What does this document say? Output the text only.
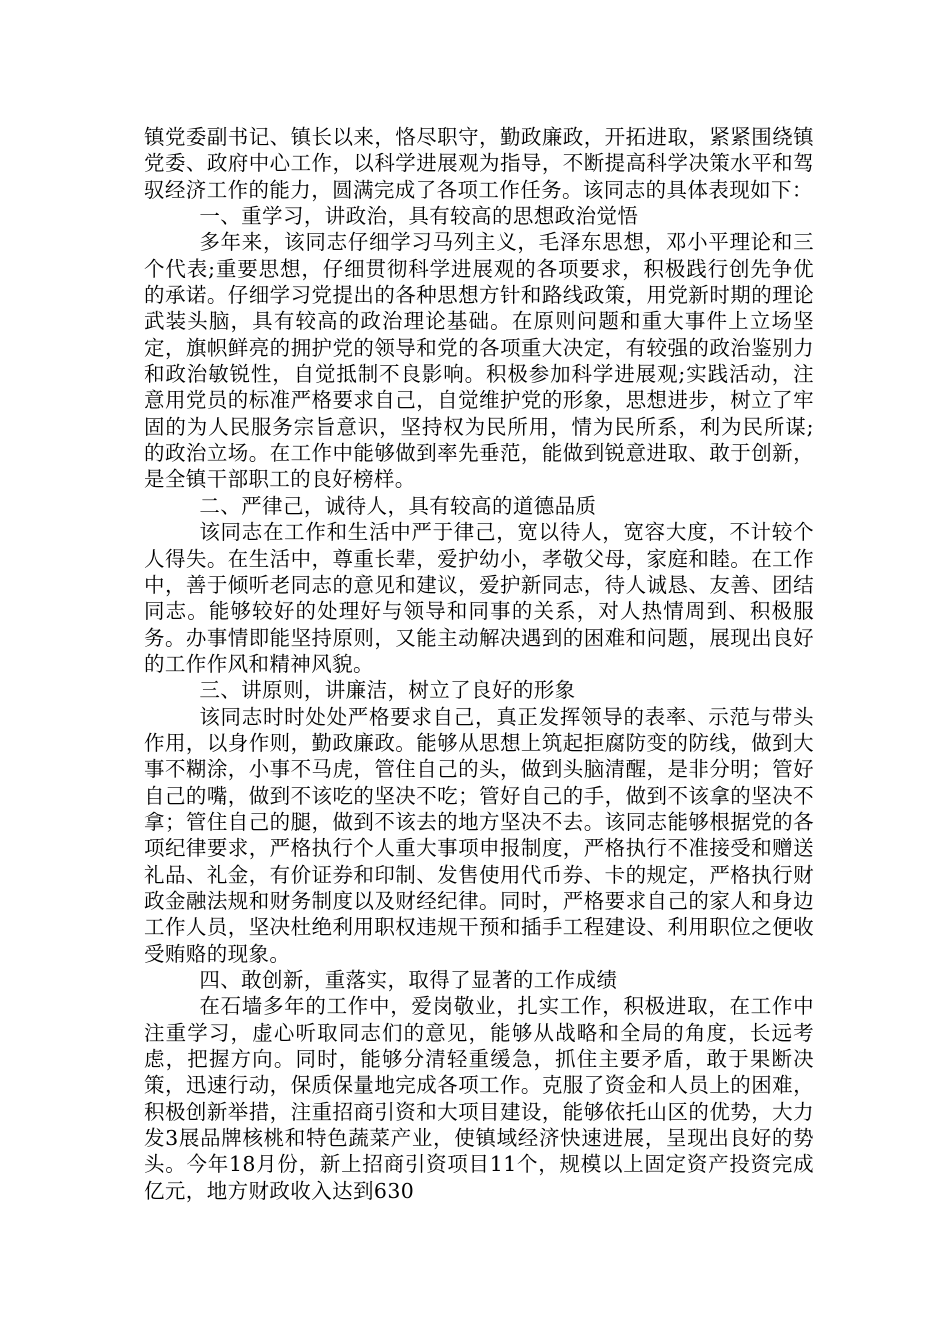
镇党委副书记、镇长以来，恪尽职守，勤政廉政，开拓进取，紧紧围绕镇党委、政府中心工作，以科学进展观为指导，不断提高科学决策水平和驾驭经济工作的能力，圆满完成了各项工作任务。该同志的具体表现如下：

一、重学习，讲政治，具有较高的思想政治觉悟

多年来，该同志仔细学习马列主义，毛泽东思想，邓小平理论和三个代表;重要思想，仔细贯彻科学进展观的各项要求，积极践行创先争优的承诺。仔细学习党提出的各种思想方针和路线政策，用党新时期的理论武装头脑，具有较高的政治理论基础。在原则问题和重大事件上立场坚定，旗帜鲜亮的拥护党的领导和党的各项重大决定，有较强的政治鉴别力和政治敏锐性，自觉抵制不良影响。积极参加科学进展观;实践活动，注意用党员的标准严格要求自己，自觉维护党的形象，思想进步，树立了牢固的为人民服务宗旨意识，坚持权为民所用，情为民所系，利为民所谋;的政治立场。在工作中能够做到率先垂范，能做到锐意进取、敢于创新，是全镇干部职工的良好榜样。

二、严律己，诚待人，具有较高的道德品质

该同志在工作和生活中严于律己，宽以待人，宽容大度，不计较个人得失。在生活中，尊重长辈，爱护幼小，孝敬父母，家庭和睦。在工作中，善于倾听老同志的意见和建议，爱护新同志，待人诚恳、友善、团结同志。能够较好的处理好与领导和同事的关系，对人热情周到、积极服务。办事情即能坚持原则，又能主动解决遇到的困难和问题，展现出良好的工作作风和精神风貌。

三、讲原则，讲廉洁，树立了良好的形象

该同志时时处处严格要求自己，真正发挥领导的表率、示范与带头作用，以身作则，勤政廉政。能够从思想上筑起拒腐防变的防线，做到大事不糊涂，小事不马虎，管住自己的头，做到头脑清醒，是非分明；管好自己的嘴，做到不该吃的坚决不吃；管好自己的手，做到不该拿的坚决不拿；管住自己的腿，做到不该去的地方坚决不去。该同志能够根据党的各项纪律要求，严格执行个人重大事项申报制度，严格执行不准接受和赠送礼品、礼金，有价证券和印制、发售使用代币券、卡的规定，严格执行财政金融法规和财务制度以及财经纪律。同时，严格要求自己的家人和身边工作人员，坚决杜绝利用职权违规干预和插手工程建设、利用职位之便收受贿赂的现象。

四、敢创新，重落实，取得了显著的工作成绩

在石墙多年的工作中，爱岗敬业，扎实工作，积极进取，在工作中注重学习，虚心听取同志们的意见，能够从战略和全局的角度，长远考虑，把握方向。同时，能够分清轻重缓急，抓住主要矛盾，敢于果断决策，迅速行动，保质保量地完成各项工作。克服了资金和人员上的困难，积极创新举措，注重招商引资和大项目建设，能够依托山区的优势，大力发3展品牌核桃和特色蔬菜产业，使镇域经济快速进展，呈现出良好的势头。今年18月份，新上招商引资项目11个，规模以上固定资产投资完成亿元，地方财政收入达到630
